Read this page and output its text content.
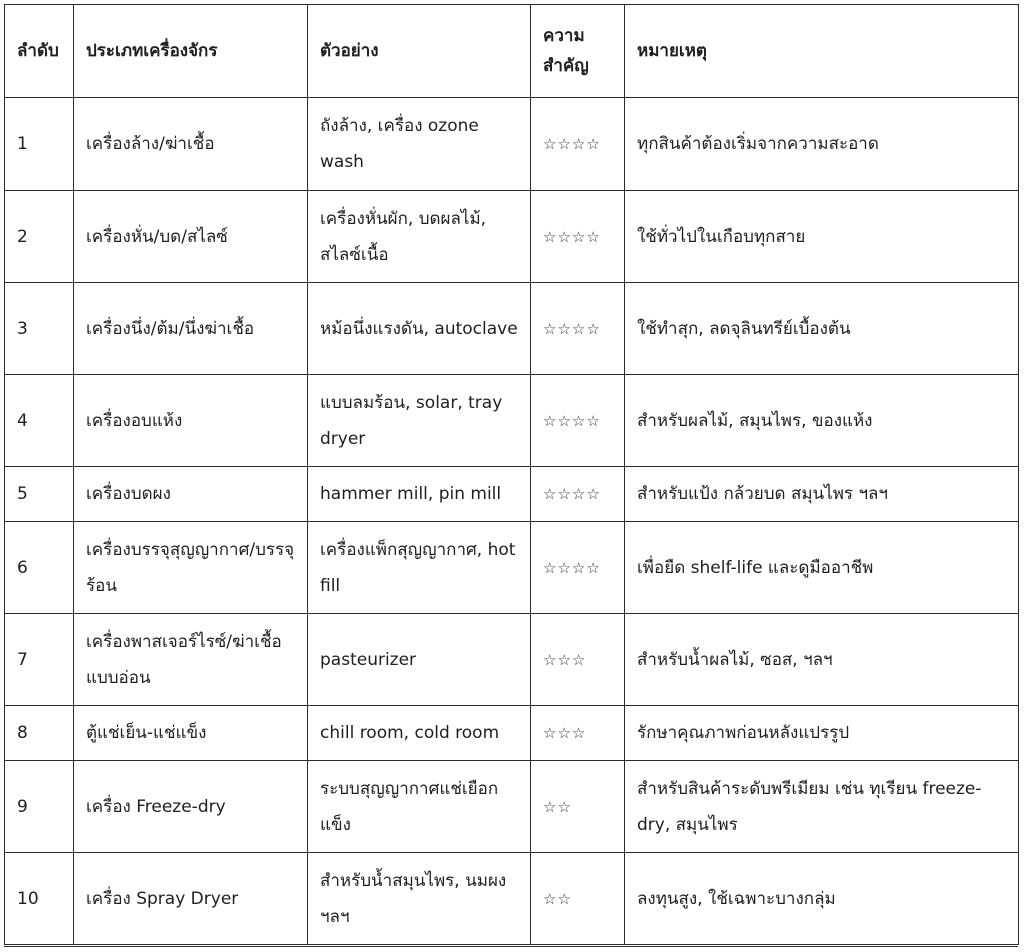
ลำดับ	ประเภทเครื่องจักร	ตัวอย่าง	ความสำคัญ	หมายเหตุ
1	เครื่องล้าง/ฆ่าเชื้อ	ถังล้าง, เครื่อง ozone wash	☆☆☆☆	ทุกสินค้าต้องเริ่มจากความสะอาด
2	เครื่องหั่น/บด/สไลซ์	เครื่องหั่นผัก, บดผลไม้, สไลซ์เนื้อ	☆☆☆☆	ใช้ทั่วไปในเกือบทุกสาย
3	เครื่องนึ่ง/ต้ม/นึ่งฆ่าเชื้อ	หม้อนึ่งแรงดัน, autoclave	☆☆☆☆	ใช้ทำสุก, ลดจุลินทรีย์เบื้องต้น
4	เครื่องอบแห้ง	แบบลมร้อน, solar, tray dryer	☆☆☆☆	สำหรับผลไม้, สมุนไพร, ของแห้ง
5	เครื่องบดผง	hammer mill, pin mill	☆☆☆☆	สำหรับแป้ง กล้วยบด สมุนไพร ฯลฯ
6	เครื่องบรรจุสุญญากาศ/บรรจุร้อน	เครื่องแพ็กสุญญากาศ, hot fill	☆☆☆☆	เพื่อยืด shelf-life และดูมืออาชีพ
7	เครื่องพาสเจอร์ไรซ์/ฆ่าเชื้อแบบอ่อน	pasteurizer	☆☆☆	สำหรับน้ำผลไม้, ซอส, ฯลฯ
8	ตู้แช่เย็น-แช่แข็ง	chill room, cold room	☆☆☆	รักษาคุณภาพก่อนหลังแปรรูป
9	เครื่อง Freeze-dry	ระบบสุญญากาศแช่เยือกแข็ง	☆☆	สำหรับสินค้าระดับพรีเมียม เช่น ทุเรียน freeze-dry, สมุนไพร
10	เครื่อง Spray Dryer	สำหรับน้ำสมุนไพร, นมผง ฯลฯ	☆☆	ลงทุนสูง, ใช้เฉพาะบางกลุ่ม
